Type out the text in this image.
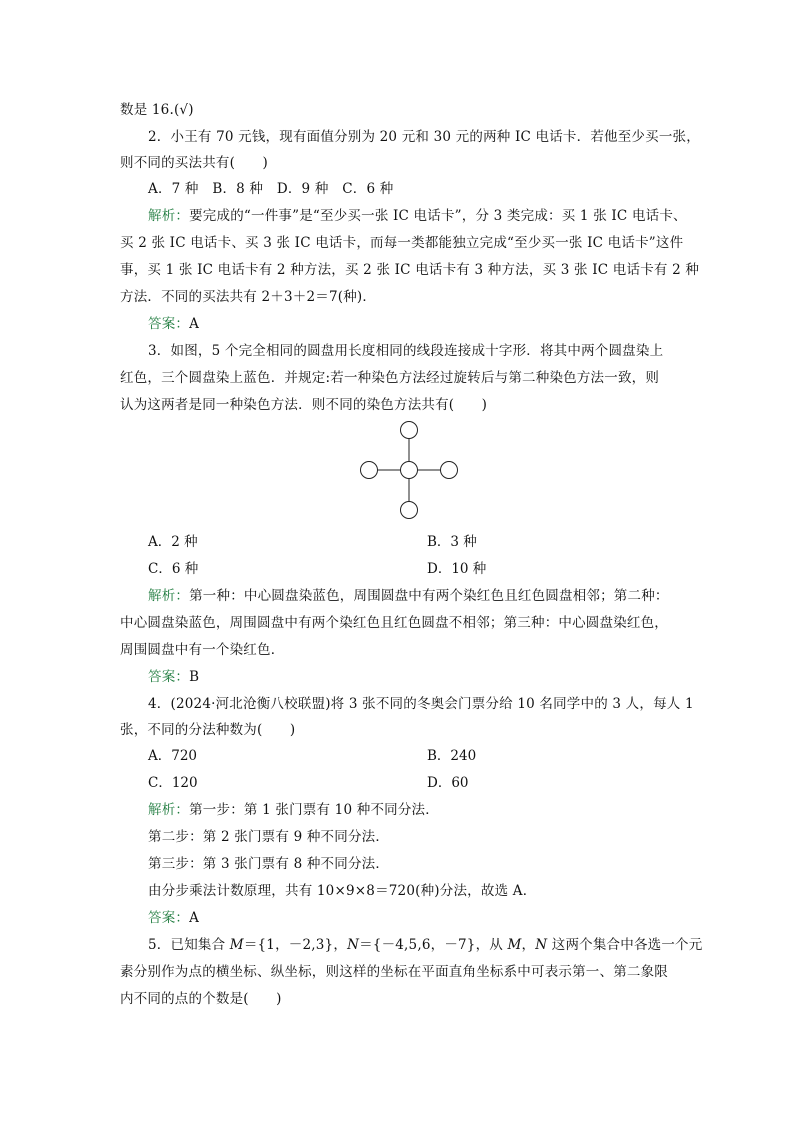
数是 16.(√)
2．小王有 70 元钱，现有面值分别为 20 元和 30 元的两种 IC 电话卡．若他至少买一张，
则不同的买法共有(　　)
A．7 种　B．8 种　D．9 种　C．6 种
解析：要完成的“一件事”是“至少买一张 IC 电话卡”，分 3 类完成：买 1 张 IC 电话卡、
买 2 张 IC 电话卡、买 3 张 IC 电话卡，而每一类都能独立完成“至少买一张 IC 电话卡”这件
事，买 1 张 IC 电话卡有 2 种方法，买 2 张 IC 电话卡有 3 种方法，买 3 张 IC 电话卡有 2 种
方法．不同的买法共有 2＋3＋2＝7(种)．
答案：A
3．如图，5 个完全相同的圆盘用长度相同的线段连接成十字形．将其中两个圆盘染上
红色，三个圆盘染上蓝色．并规定:若一种染色方法经过旋转后与第二种染色方法一致，则
认为这两者是同一种染色方法．则不同的染色方法共有(　　)
A．2 种	B．3 种
C．6 种	D．10 种
解析：第一种：中心圆盘染蓝色，周围圆盘中有两个染红色且红色圆盘相邻；第二种：
中心圆盘染蓝色，周围圆盘中有两个染红色且红色圆盘不相邻；第三种：中心圆盘染红色，
周围圆盘中有一个染红色．
答案：B
4．(2024·河北沧衡八校联盟)将 3 张不同的冬奥会门票分给 10 名同学中的 3 人，每人 1
张，不同的分法种数为(　　)
A．720	B．240
C．120	D．60
解析：第一步：第 1 张门票有 10 种不同分法．
第二步：第 2 张门票有 9 种不同分法．
第三步：第 3 张门票有 8 种不同分法．
由分步乘法计数原理，共有 10×9×8＝720(种)分法，故选 A．
答案：A
5．已知集合 M＝{1，－2,3}，N＝{－4,5,6，－7}，从 M，N 这两个集合中各选一个元
素分别作为点的横坐标、纵坐标，则这样的坐标在平面直角坐标系中可表示第一、第二象限
内不同的点的个数是(　　)
